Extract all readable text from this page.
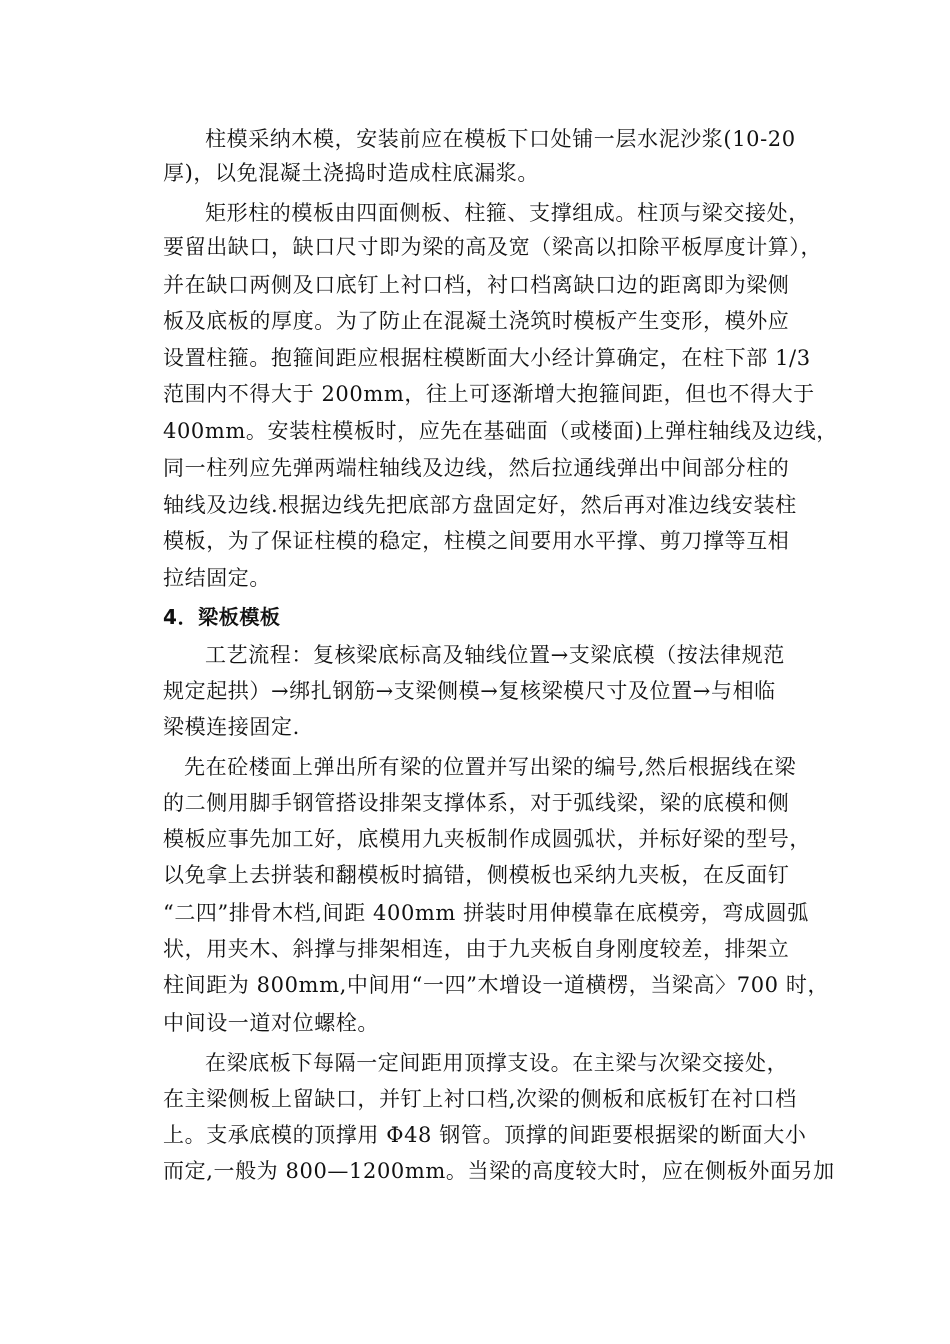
柱模采纳木模，安装前应在模板下口处铺一层水泥沙浆(10-20
厚)，以免混凝土浇捣时造成柱底漏浆。
矩形柱的模板由四面侧板、柱箍、支撑组成。柱顶与梁交接处，
要留出缺口，缺口尺寸即为梁的高及宽（梁高以扣除平板厚度计算），
并在缺口两侧及口底钉上衬口档，衬口档离缺口边的距离即为梁侧
板及底板的厚度。为了防止在混凝土浇筑时模板产生变形，模外应
设置柱箍。抱箍间距应根据柱模断面大小经计算确定，在柱下部 1/3
范围内不得大于 200mm，往上可逐渐增大抱箍间距，但也不得大于
400mm。安装柱模板时，应先在基础面（或楼面)上弹柱轴线及边线，
同一柱列应先弹两端柱轴线及边线，然后拉通线弹出中间部分柱的
轴线及边线.根据边线先把底部方盘固定好，然后再对准边线安装柱
模板，为了保证柱模的稳定，柱模之间要用水平撑、剪刀撑等互相
拉结固定。
4．梁板模板
工艺流程：复核梁底标高及轴线位置→支梁底模（按法律规范
规定起拱）→绑扎钢筋→支梁侧模→复核梁模尺寸及位置→与相临
梁模连接固定.
先在砼楼面上弹出所有梁的位置并写出梁的编号,然后根据线在梁
的二侧用脚手钢管搭设排架支撑体系，对于弧线梁，梁的底模和侧
模板应事先加工好，底模用九夹板制作成圆弧状，并标好梁的型号，
以免拿上去拼装和翻模板时搞错，侧模板也采纳九夹板，在反面钉
“二四”排骨木档,间距 400mm 拼装时用伸模靠在底模旁，弯成圆弧
状，用夹木、斜撑与排架相连，由于九夹板自身刚度较差，排架立
柱间距为 800mm,中间用“一四”木增设一道横楞，当梁高〉700 时，
中间设一道对位螺栓。
在梁底板下每隔一定间距用顶撑支设。在主梁与次梁交接处，
在主梁侧板上留缺口，并钉上衬口档,次梁的侧板和底板钉在衬口档
上。支承底模的顶撑用 Φ48 钢管。顶撑的间距要根据梁的断面大小
而定,一般为 800—1200mm。当梁的高度较大时，应在侧板外面另加
